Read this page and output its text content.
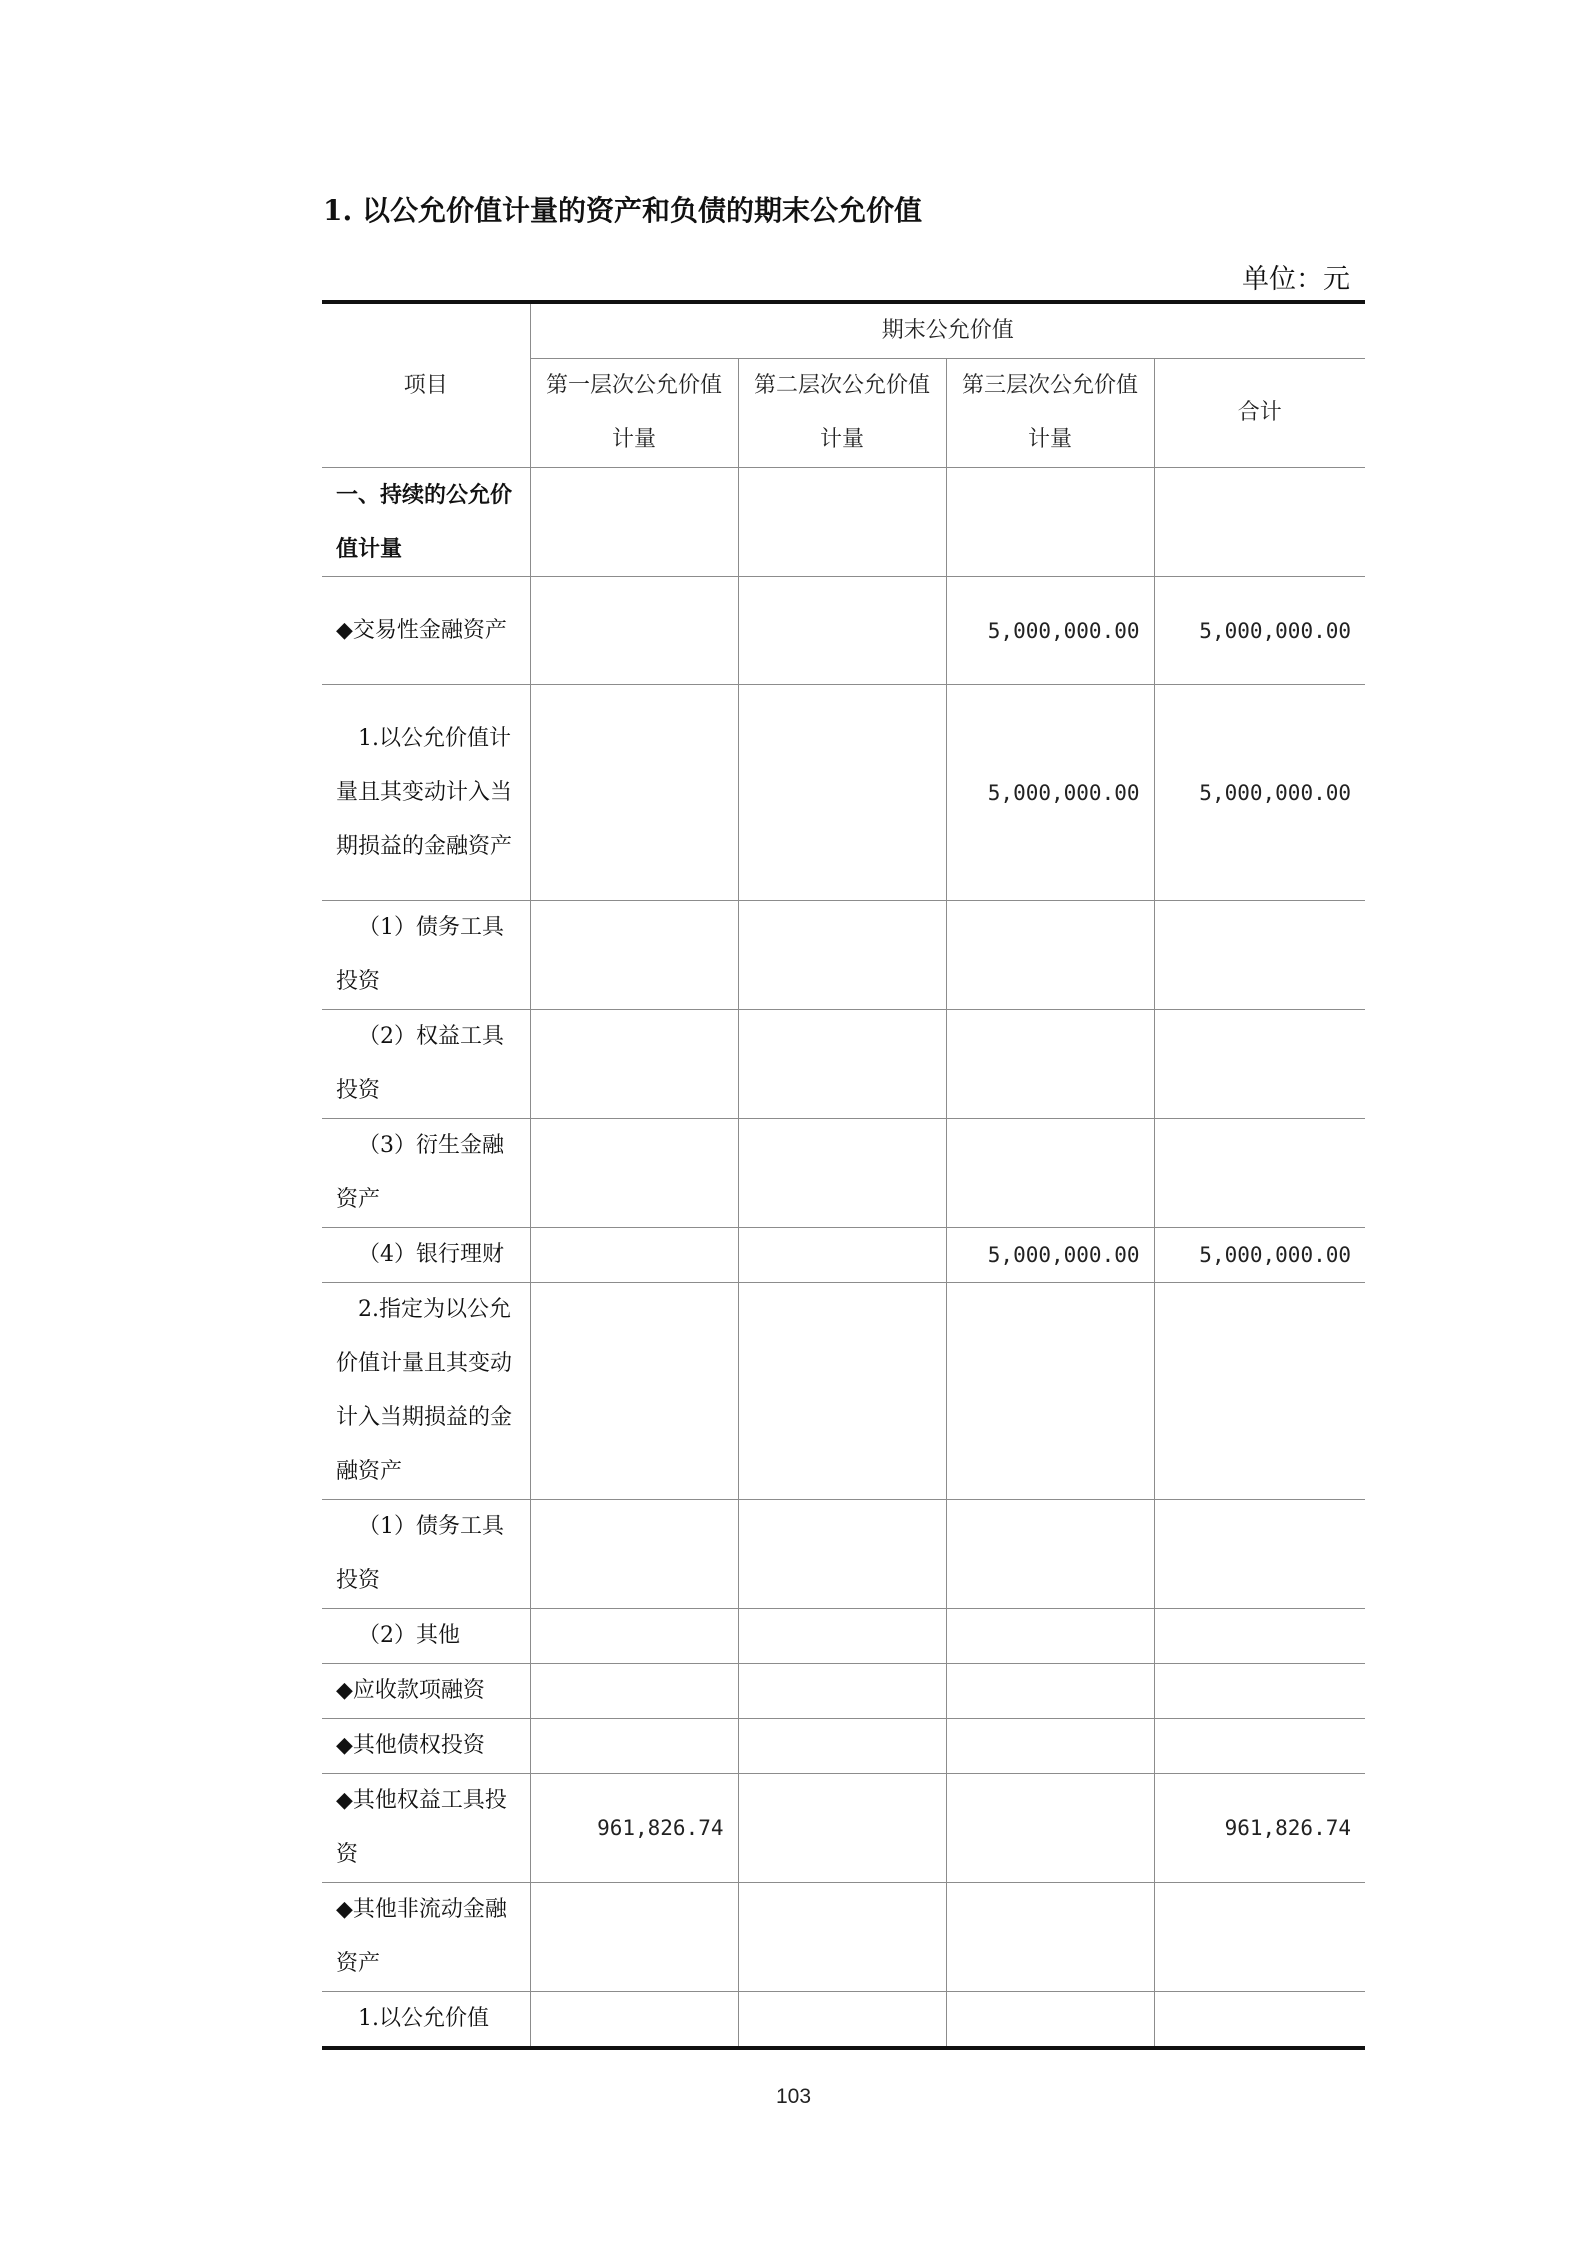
1. 以公允价值计量的资产和负债的期末公允价值
单位：元
项目	期末公允价值			
	第一层次公允价值计量	第二层次公允价值计量	第三层次公允价值计量	合计
一、持续的公允价值计量				
◆交易性金融资产			5,000,000.00	5,000,000.00
1.以公允价值计量且其变动计入当期损益的金融资产			5,000,000.00	5,000,000.00
（1）债务工具投资				
（2）权益工具投资				
（3）衍生金融资产				
（4）银行理财			5,000,000.00	5,000,000.00
2.指定为以公允价值计量且其变动计入当期损益的金融资产				
（1）债务工具投资				
（2）其他				
◆应收款项融资				
◆其他债权投资				
◆其他权益工具投资	961,826.74			961,826.74
◆其他非流动金融资产				
1.以公允价值				
103
